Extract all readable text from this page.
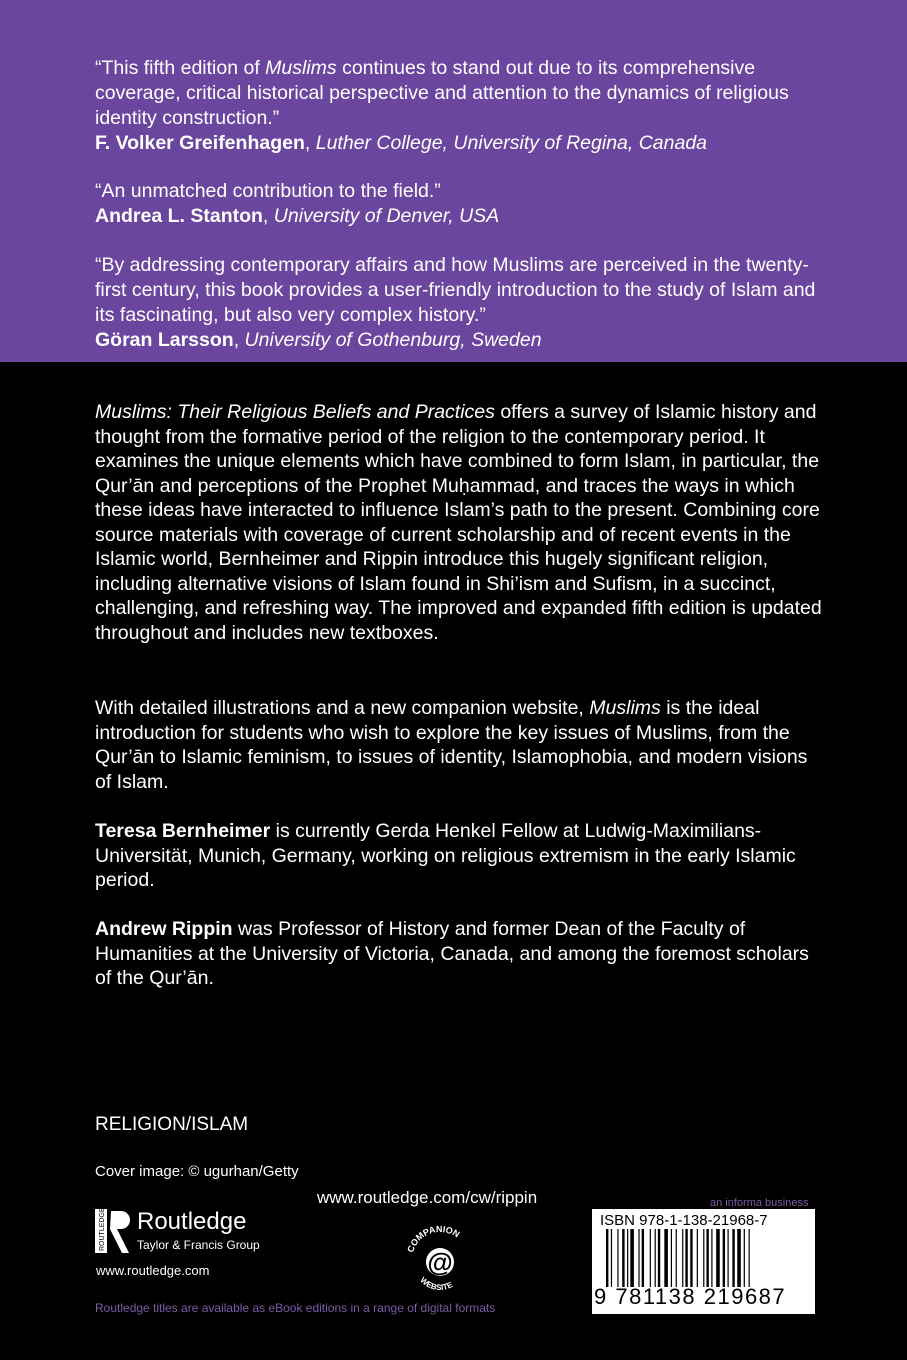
“This fifth edition of Muslims continues to stand out due to its comprehensive coverage, critical historical perspective and attention to the dynamics of religious identity construction.”
F. Volker Greifenhagen, Luther College, University of Regina, Canada
“An unmatched contribution to the field.”
Andrea L. Stanton, University of Denver, USA
“By addressing contemporary affairs and how Muslims are perceived in the twenty-first century, this book provides a user-friendly introduction to the study of Islam and its fascinating, but also very complex history.”
Göran Larsson, University of Gothenburg, Sweden

Muslims: Their Religious Beliefs and Practices offers a survey of Islamic history and thought from the formative period of the religion to the contemporary period. It examines the unique elements which have combined to form Islam, in particular, the Qur’ān and perceptions of the Prophet Muḥammad, and traces the ways in which these ideas have interacted to influence Islam’s path to the present. Combining core source materials with coverage of current scholarship and of recent events in the Islamic world, Bernheimer and Rippin introduce this hugely significant religion, including alternative visions of Islam found in Shi’ism and Sufism, in a succinct, challenging, and refreshing way. The improved and expanded fifth edition is updated throughout and includes new textboxes.

With detailed illustrations and a new companion website, Muslims is the ideal introduction for students who wish to explore the key issues of Muslims, from the Qur’ān to Islamic feminism, to issues of identity, Islamophobia, and modern visions of Islam.

Teresa Bernheimer is currently Gerda Henkel Fellow at Ludwig-Maximilians-Universität, Munich, Germany, working on religious extremism in the early Islamic period.

Andrew Rippin was Professor of History and former Dean of the Faculty of Humanities at the University of Victoria, Canada, and among the foremost scholars of the Qur’ān.

RELIGION/ISLAM
Cover image: © ugurhan/Getty
www.routledge.com/cw/rippin
ROUTLEDGE Routledge
Taylor & Francis Group
www.routledge.com
Routledge titles are available as eBook editions in a range of digital formats
an informa business
COMPANION
WEBSITE
@
ISBN 978-1-138-21968-7
9 781138 219687
